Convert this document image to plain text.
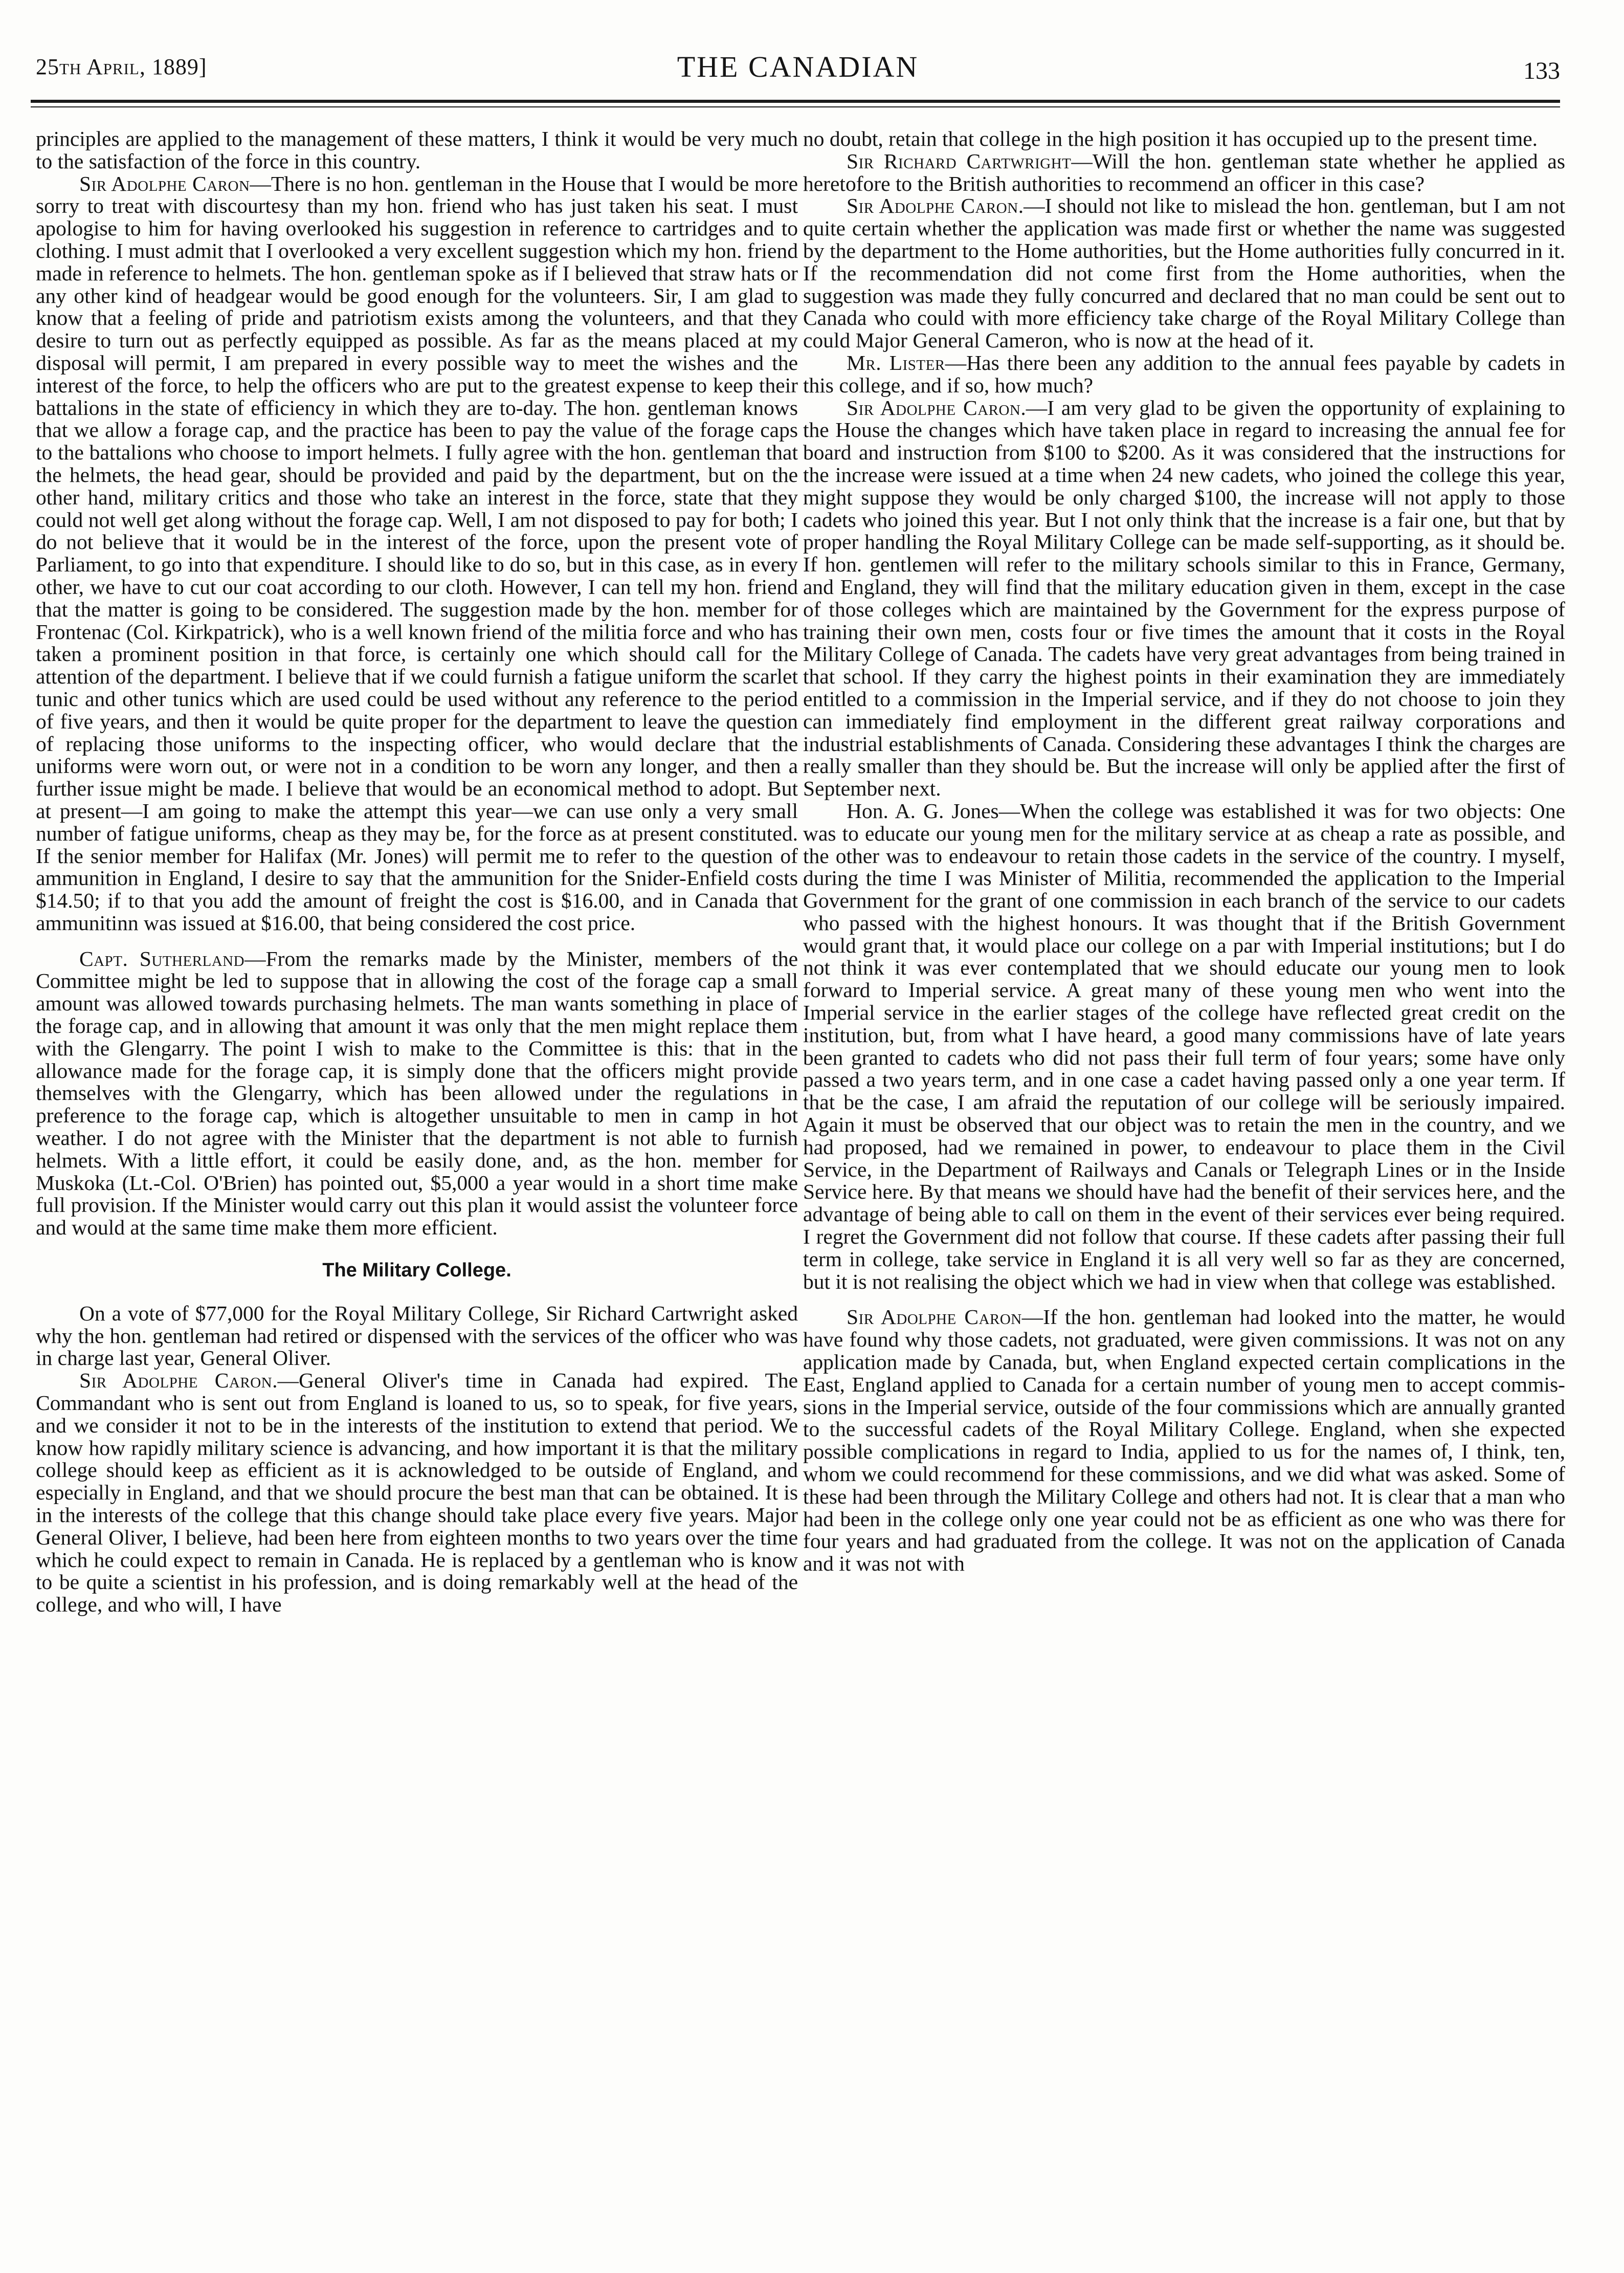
25th April, 1889]	THE CANADIAN	133

principles are applied to the management of these matters, I think it would be very much to the satisfaction of the force in this country.

Sir Adolphe Caron—There is no hon. gentleman in the House that I would be more sorry to treat with discourtesy than my hon. friend who has just taken his seat. I must apologise to him for having overlooked his suggestion in reference to cartridges and to clothing. I must admit that I overlooked a very excellent suggestion which my hon. friend made in reference to helmets. The hon. gentleman spoke as if I believed that straw hats or any other kind of headgear would be good enough for the volunteers. Sir, I am glad to know that a feeling of pride and patriotism exists among the volunteers, and that they desire to turn out as perfectly equipped as possible. As far as the means placed at my disposal will permit, I am prepared in every possible way to meet the wishes and the interest of the force, to help the officers who are put to the greatest expense to keep their battalions in the state of efficiency in which they are to-day. The hon. gentleman knows that we allow a forage cap, and the practice has been to pay the value of the forage caps to the battalions who choose to import helmets. I fully agree with the hon. gentleman that the helmets, the head gear, should be provided and paid by the department, but on the other hand, military critics and those who take an interest in the force, state that they could not well get along without the forage cap. Well, I am not disposed to pay for both; I do not believe that it would be in the interest of the force, upon the present vote of Parliament, to go into that expenditure. I should like to do so, but in this case, as in every other, we have to cut our coat according to our cloth. However, I can tell my hon. friend that the matter is going to be considered. The suggestion made by the hon. member for Frontenac (Col. Kirkpatrick), who is a well known friend of the militia force and who has taken a prominent position in that force, is certainly one which should call for the attention of the department. I believe that if we could furnish a fatigue uniform the scarlet tunic and other tunics which are used could be used without any reference to the period of five years, and then it would be quite proper for the department to leave the question of replacing those uniforms to the inspecting officer, who would declare that the uniforms were worn out, or were not in a condition to be worn any longer, and then a further issue might be made. I believe that would be an economical method to adopt. But at present—I am going to make the attempt this year—we can use only a very small number of fatigue uniforms, cheap as they may be, for the force as at present constituted. If the senior member for Halifax (Mr. Jones) will permit me to refer to the question of ammunition in England, I desire to say that the ammunition for the Snider-Enfield costs $14.50; if to that you add the amount of freight the cost is $16.00, and in Canada that ammunitinn was issued at $16.00, that being considered the cost price.

Capt. Sutherland—From the remarks made by the Minister, members of the Committee might be led to suppose that in allowing the cost of the forage cap a small amount was allowed towards purchasing helmets. The man wants something in place of the forage cap, and in allowing that amount it was only that the men might replace them with the Glengarry. The point I wish to make to the Committee is this: that in the allowance made for the forage cap, it is simply done that the officers might provide themselves with the Glengarry, which has been allowed under the regulations in preference to the forage cap, which is altogether unsuitable to men in camp in hot weather. I do not agree with the Minister that the department is not able to furnish helmets. With a little effort, it could be easily done, and, as the hon. member for Muskoka (Lt.-Col. O'Brien) has pointed out, $5,000 a year would in a short time make full provision. If the Minister would carry out this plan it would assist the volunteer force and would at the same time make them more efficient.

The Military College.

On a vote of $77,000 for the Royal Military College, Sir Richard Cartwright asked why the hon. gentleman had retired or dispensed with the services of the officer who was in charge last year, General Oliver.

Sir Adolphe Caron.—General Oliver's time in Canada had expired. The Commandant who is sent out from England is loaned to us, so to speak, for five years, and we consider it not to be in the interests of the institution to extend that period. We know how rapidly military science is advancing, and how important it is that the military college should keep as efficient as it is acknowledged to be outside of England, and especially in England, and that we should procure the best man that can be obtained. It is in the interests of the college that this change should take place every five years. Major General Oliver, I believe, had been here from eighteen months to two years over the time which he could expect to remain in Canada. He is replaced by a gentleman who is know to be quite a scientist in his profession, and is doing remarkably well at the head of the college, and who will, I have

no doubt, retain that college in the high position it has occupied up to the present time.

Sir Richard Cartwright—Will the hon. gentleman state whether he applied as heretofore to the British authorities to recommend an officer in this case?

Sir Adolphe Caron.—I should not like to mislead the hon. gentleman, but I am not quite certain whether the application was made first or whether the name was suggested by the department to the Home authorities, but the Home authorities fully concurred in it. If the recommendation did not come first from the Home authorities, when the suggestion was made they fully concurred and declared that no man could be sent out to Canada who could with more efficiency take charge of the Royal Military College than could Major General Cameron, who is now at the head of it.

Mr. Lister—Has there been any addition to the annual fees payable by cadets in this college, and if so, how much?

Sir Adolphe Caron.—I am very glad to be given the opportunity of explaining to the House the changes which have taken place in regard to increasing the annual fee for board and instruction from $100 to $200. As it was considered that the instructions for the increase were issued at a time when 24 new cadets, who joined the college this year, might suppose they would be only charged $100, the increase will not apply to those cadets who joined this year. But I not only think that the increase is a fair one, but that by proper handling the Royal Military College can be made self-supporting, as it should be. If hon. gentlemen will refer to the military schools similar to this in France, Germany, and England, they will find that the military education given in them, except in the case of those colleges which are maintained by the Government for the express purpose of training their own men, costs four or five times the amount that it costs in the Royal Military College of Canada. The cadets have very great advantages from being trained in that school. If they carry the highest points in their examination they are immediately entitled to a commission in the Imperial service, and if they do not choose to join they can immediately find employment in the different great railway corporations and industrial establishments of Canada. Considering these advantages I think the charges are really smaller than they should be. But the increase will only be applied after the first of September next.

Hon. A. G. Jones—When the college was established it was for two objects: One was to educate our young men for the military service at as cheap a rate as possible, and the other was to endeavour to retain those cadets in the service of the country. I myself, during the time I was Minister of Militia, recommended the application to the Imperial Government for the grant of one commission in each branch of the service to our cadets who passed with the highest honours. It was thought that if the British Government would grant that, it would place our college on a par with Imperial institutions; but I do not think it was ever contemplated that we should educate our young men to look forward to Imperial service. A great many of these young men who went into the Imperial service in the earlier stages of the college have reflected great credit on the institution, but, from what I have heard, a good many commissions have of late years been granted to cadets who did not pass their full term of four years; some have only passed a two years term, and in one case a cadet having passed only a one year term. If that be the case, I am afraid the reputation of our college will be seriously impaired. Again it must be observed that our object was to retain the men in the country, and we had proposed, had we remained in power, to endeavour to place them in the Civil Service, in the Department of Railways and Canals or Telegraph Lines or in the Inside Service here. By that means we should have had the benefit of their services here, and the advantage of being able to call on them in the event of their services ever being required. I regret the Government did not follow that course. If these cadets after passing their full term in college, take service in England it is all very well so far as they are concerned, but it is not realising the object which we had in view when that college was established.

Sir Adolphe Caron—If the hon. gentleman had looked into the matter, he would have found why those cadets, not graduated, were given commissions. It was not on any application made by Canada, but, when England expected certain complications in the East, England applied to Canada for a certain number of young men to accept commissions in the Imperial service, outside of the four commissions which are annually granted to the successful cadets of the Royal Military College. England, when she expected possible complications in regard to India, applied to us for the names of, I think, ten, whom we could recommend for these commissions, and we did what was asked. Some of these had been through the Military College and others had not. It is clear that a man who had been in the college only one year could not be as efficient as one who was there for four years and had graduated from the college. It was not on the application of Canada and it was not with
